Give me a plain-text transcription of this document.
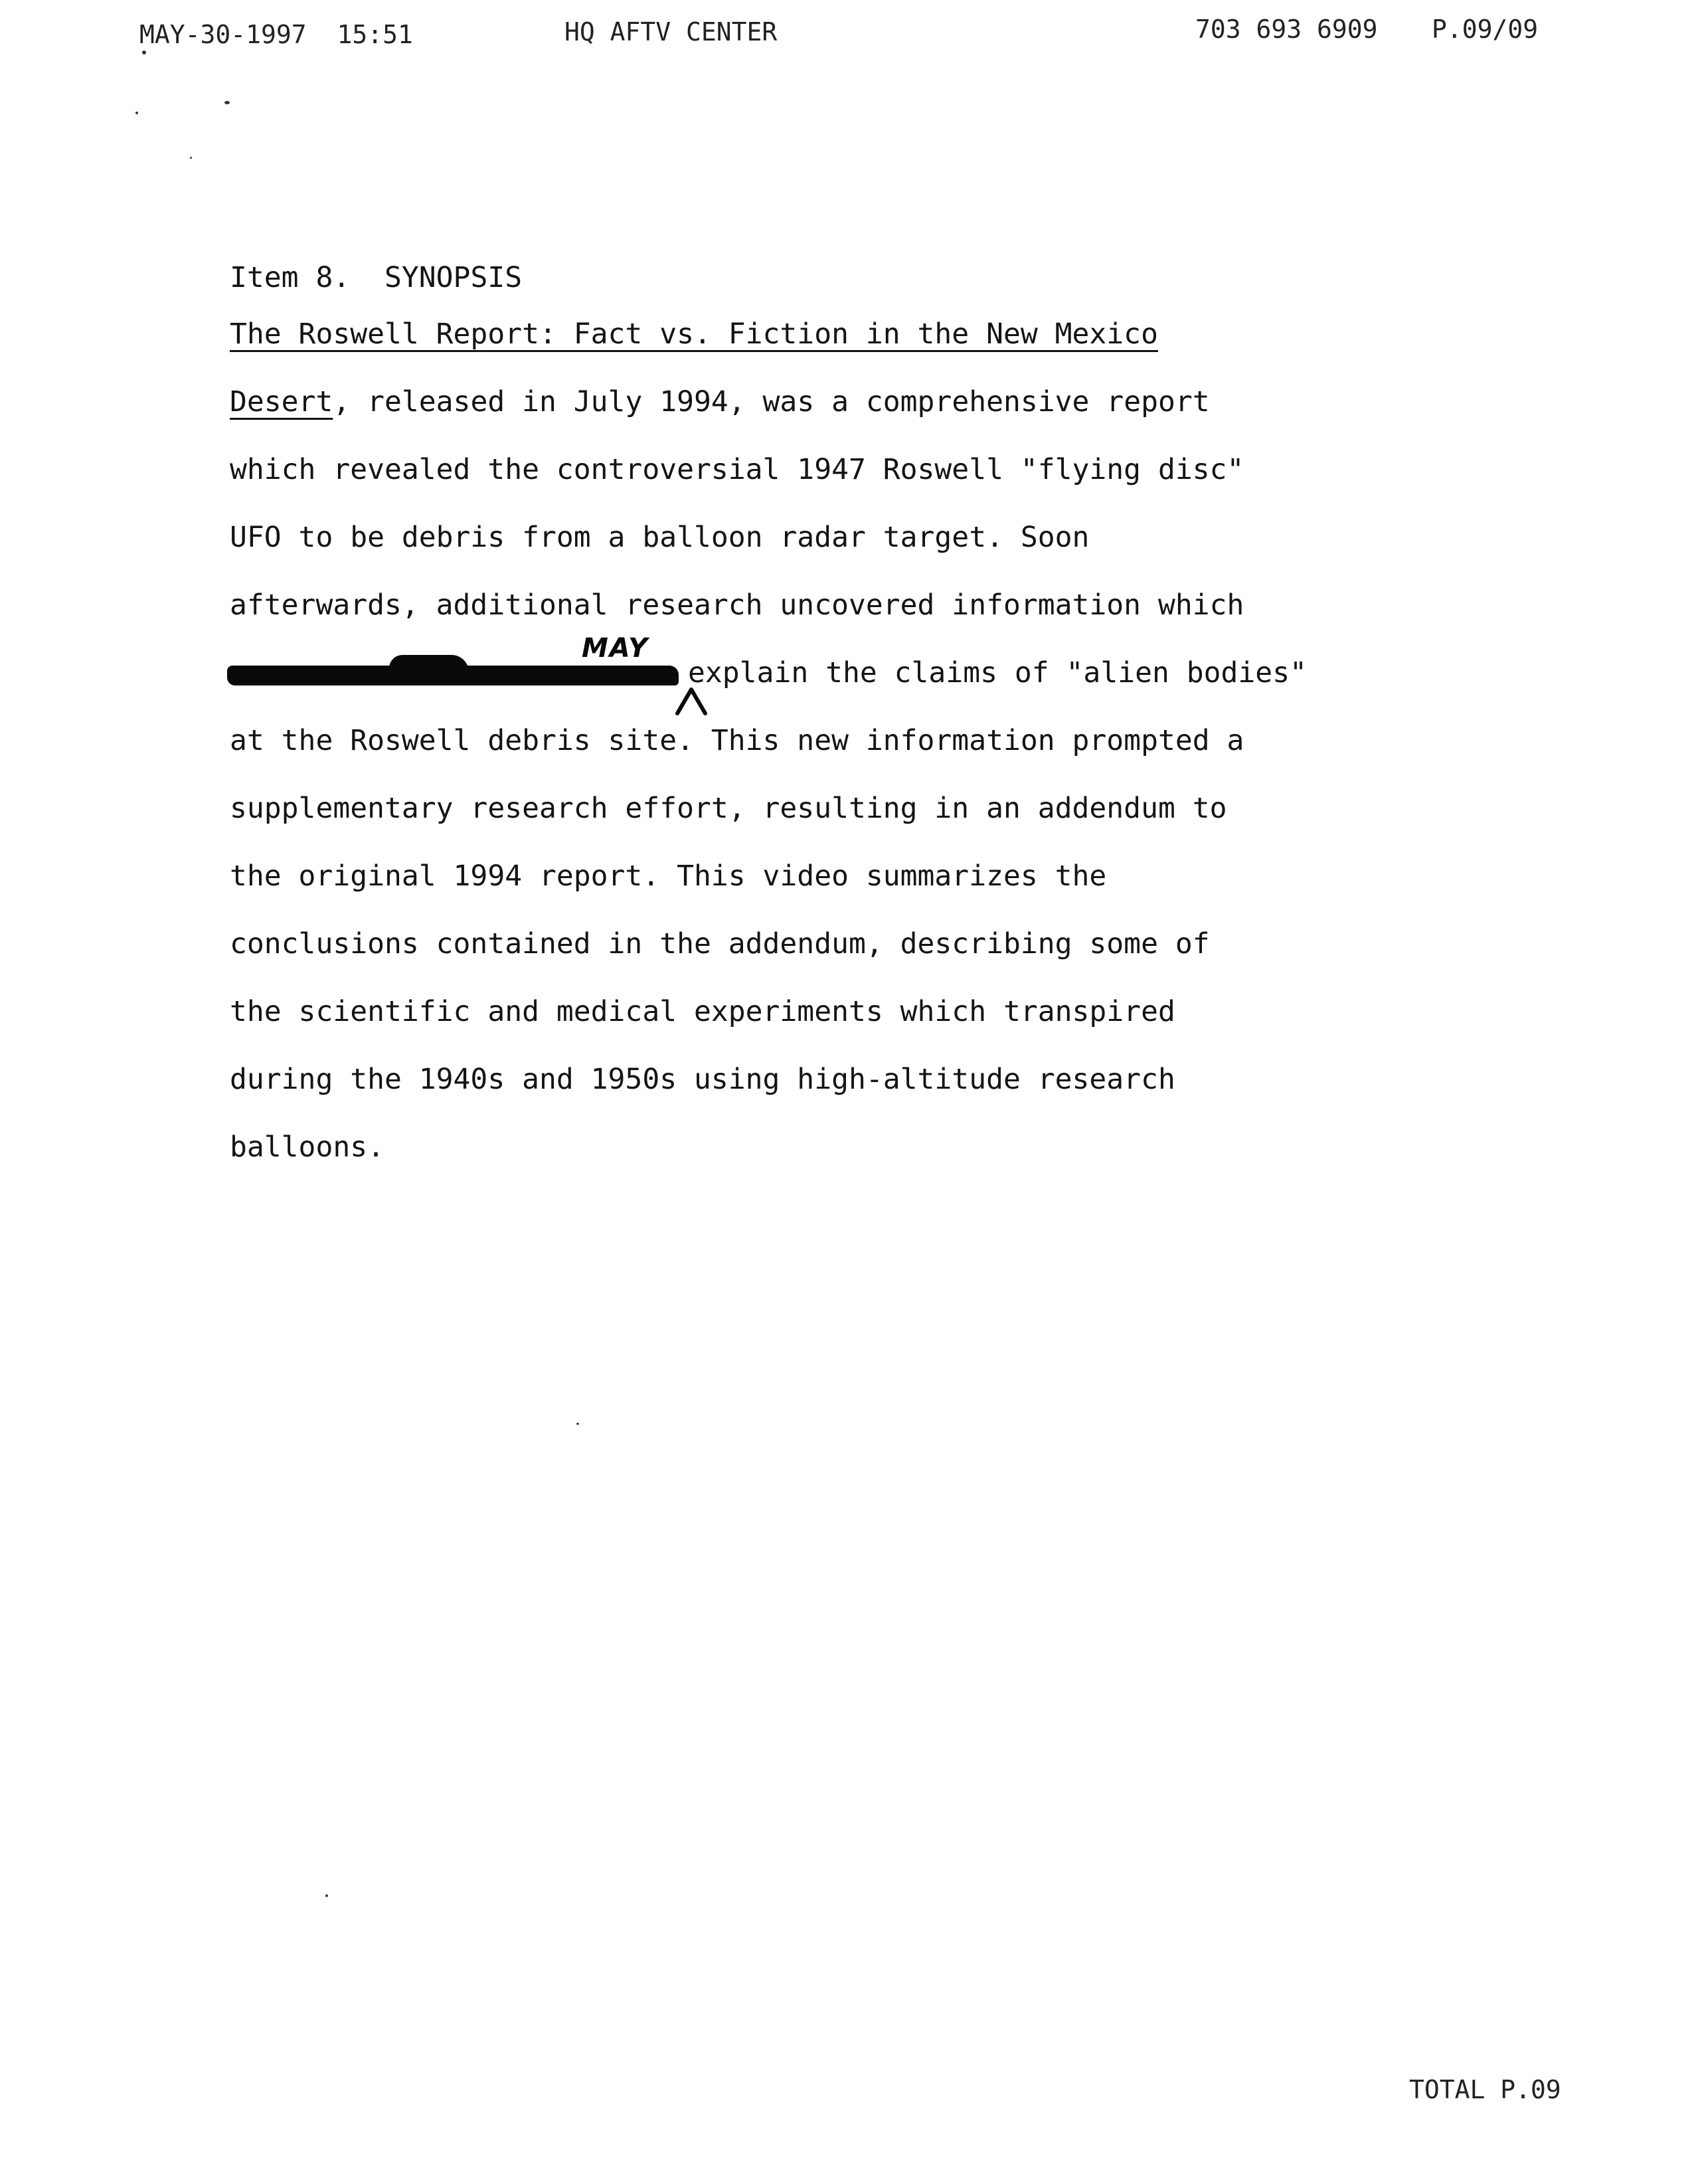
MAY-30-1997 15:51	HQ AFTV CENTER	703 693 6909 P.09/09
Item 8. SYNOPSIS
The Roswell Report: Fact vs. Fiction in the New Mexico
Desert, released in July 1994, was a comprehensive report
which revealed the controversial 1947 Roswell "flying disc"
UFO to be debris from a balloon radar target. Soon
afterwards, additional research uncovered information which
MAY
explain the claims of "alien bodies"
at the Roswell debris site. This new information prompted a
supplementary research effort, resulting in an addendum to
the original 1994 report. This video summarizes the
conclusions contained in the addendum, describing some of
the scientific and medical experiments which transpired
during the 1940s and 1950s using high-altitude research
balloons.
TOTAL P.09
